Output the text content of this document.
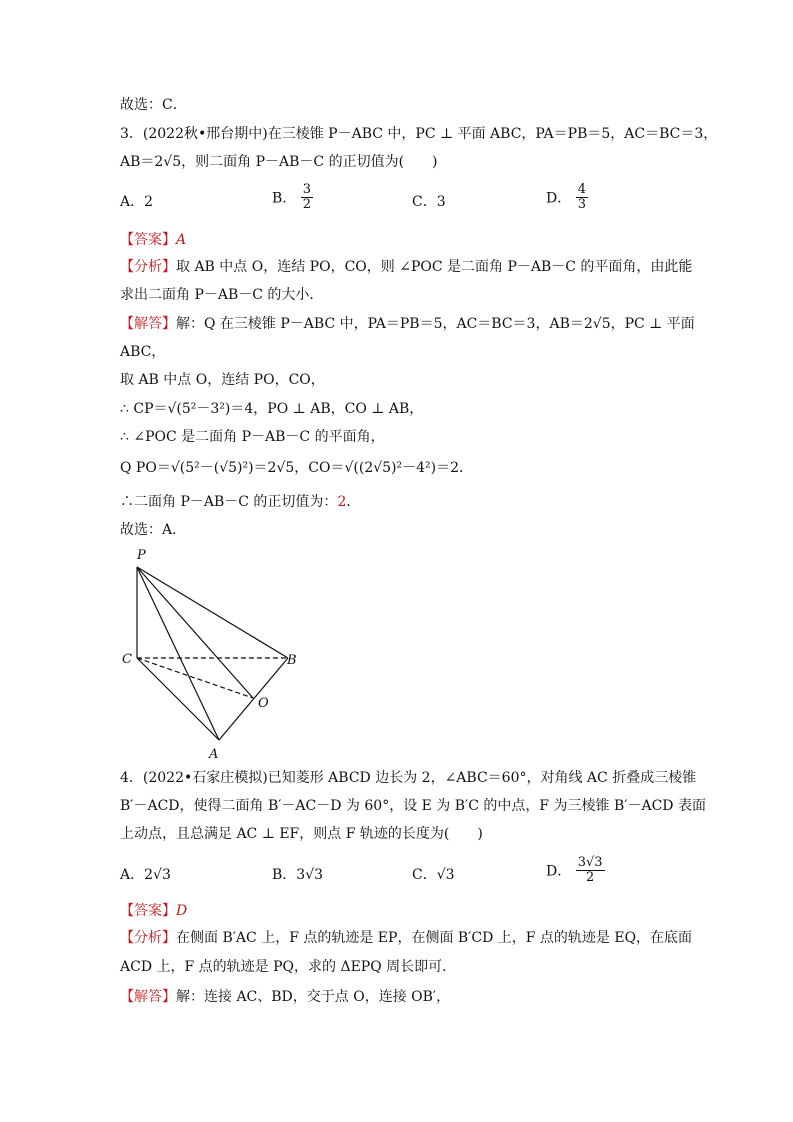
故选：C．
3．(2022秋•邢台期中)在三棱锥 P－ABC 中，PC ⊥ 平面 ABC，PA＝PB＝5，AC＝BC＝3，
AB＝2√5，则二面角 P－AB－C 的正切值为(　　)
A．2	B． $\frac{3}{2}$	C．3	D． $\frac{4}{3}$
【答案】A
【分析】取 AB 中点 O，连结 PO，CO，则 ∠POC 是二面角 P－AB－C 的平面角，由此能
求出二面角 P－AB－C 的大小．
【解答】解：Q 在三棱锥 P－ABC 中，PA＝PB＝5，AC＝BC＝3，AB＝2√5，PC ⊥ 平面
ABC，
取 AB 中点 O，连结 PO，CO，
∴ CP＝√(5²－3²)＝4，PO ⊥ AB，CO ⊥ AB，
∴ ∠POC 是二面角 P－AB－C 的平面角，
Q PO＝√(5²－(√5)²)＝2√5，CO＝√((2√5)²－4²)＝2．
∴二面角 P－AB－C 的正切值为：2．
故选：A．
P
C	B
O
A
4．(2022•石家庄模拟)已知菱形 ABCD 边长为 2，∠ABC＝60°，对角线 AC 折叠成三棱锥
B′－ACD，使得二面角 B′－AC－D 为 60°，设 E 为 B′C 的中点，F 为三棱锥 B′－ACD 表面
上动点，且总满足 AC ⊥ EF，则点 F 轨迹的长度为(　　)
A．2√3	B．3√3	C．√3	D． $\frac{3√3}{2}$
【答案】D
【分析】在侧面 B′AC 上，F 点的轨迹是 EP，在侧面 B′CD 上，F 点的轨迹是 EQ，在底面
ACD 上，F 点的轨迹是 PQ，求的 ΔEPQ 周长即可．
【解答】解：连接 AC、BD，交于点 O，连接 OB′，
